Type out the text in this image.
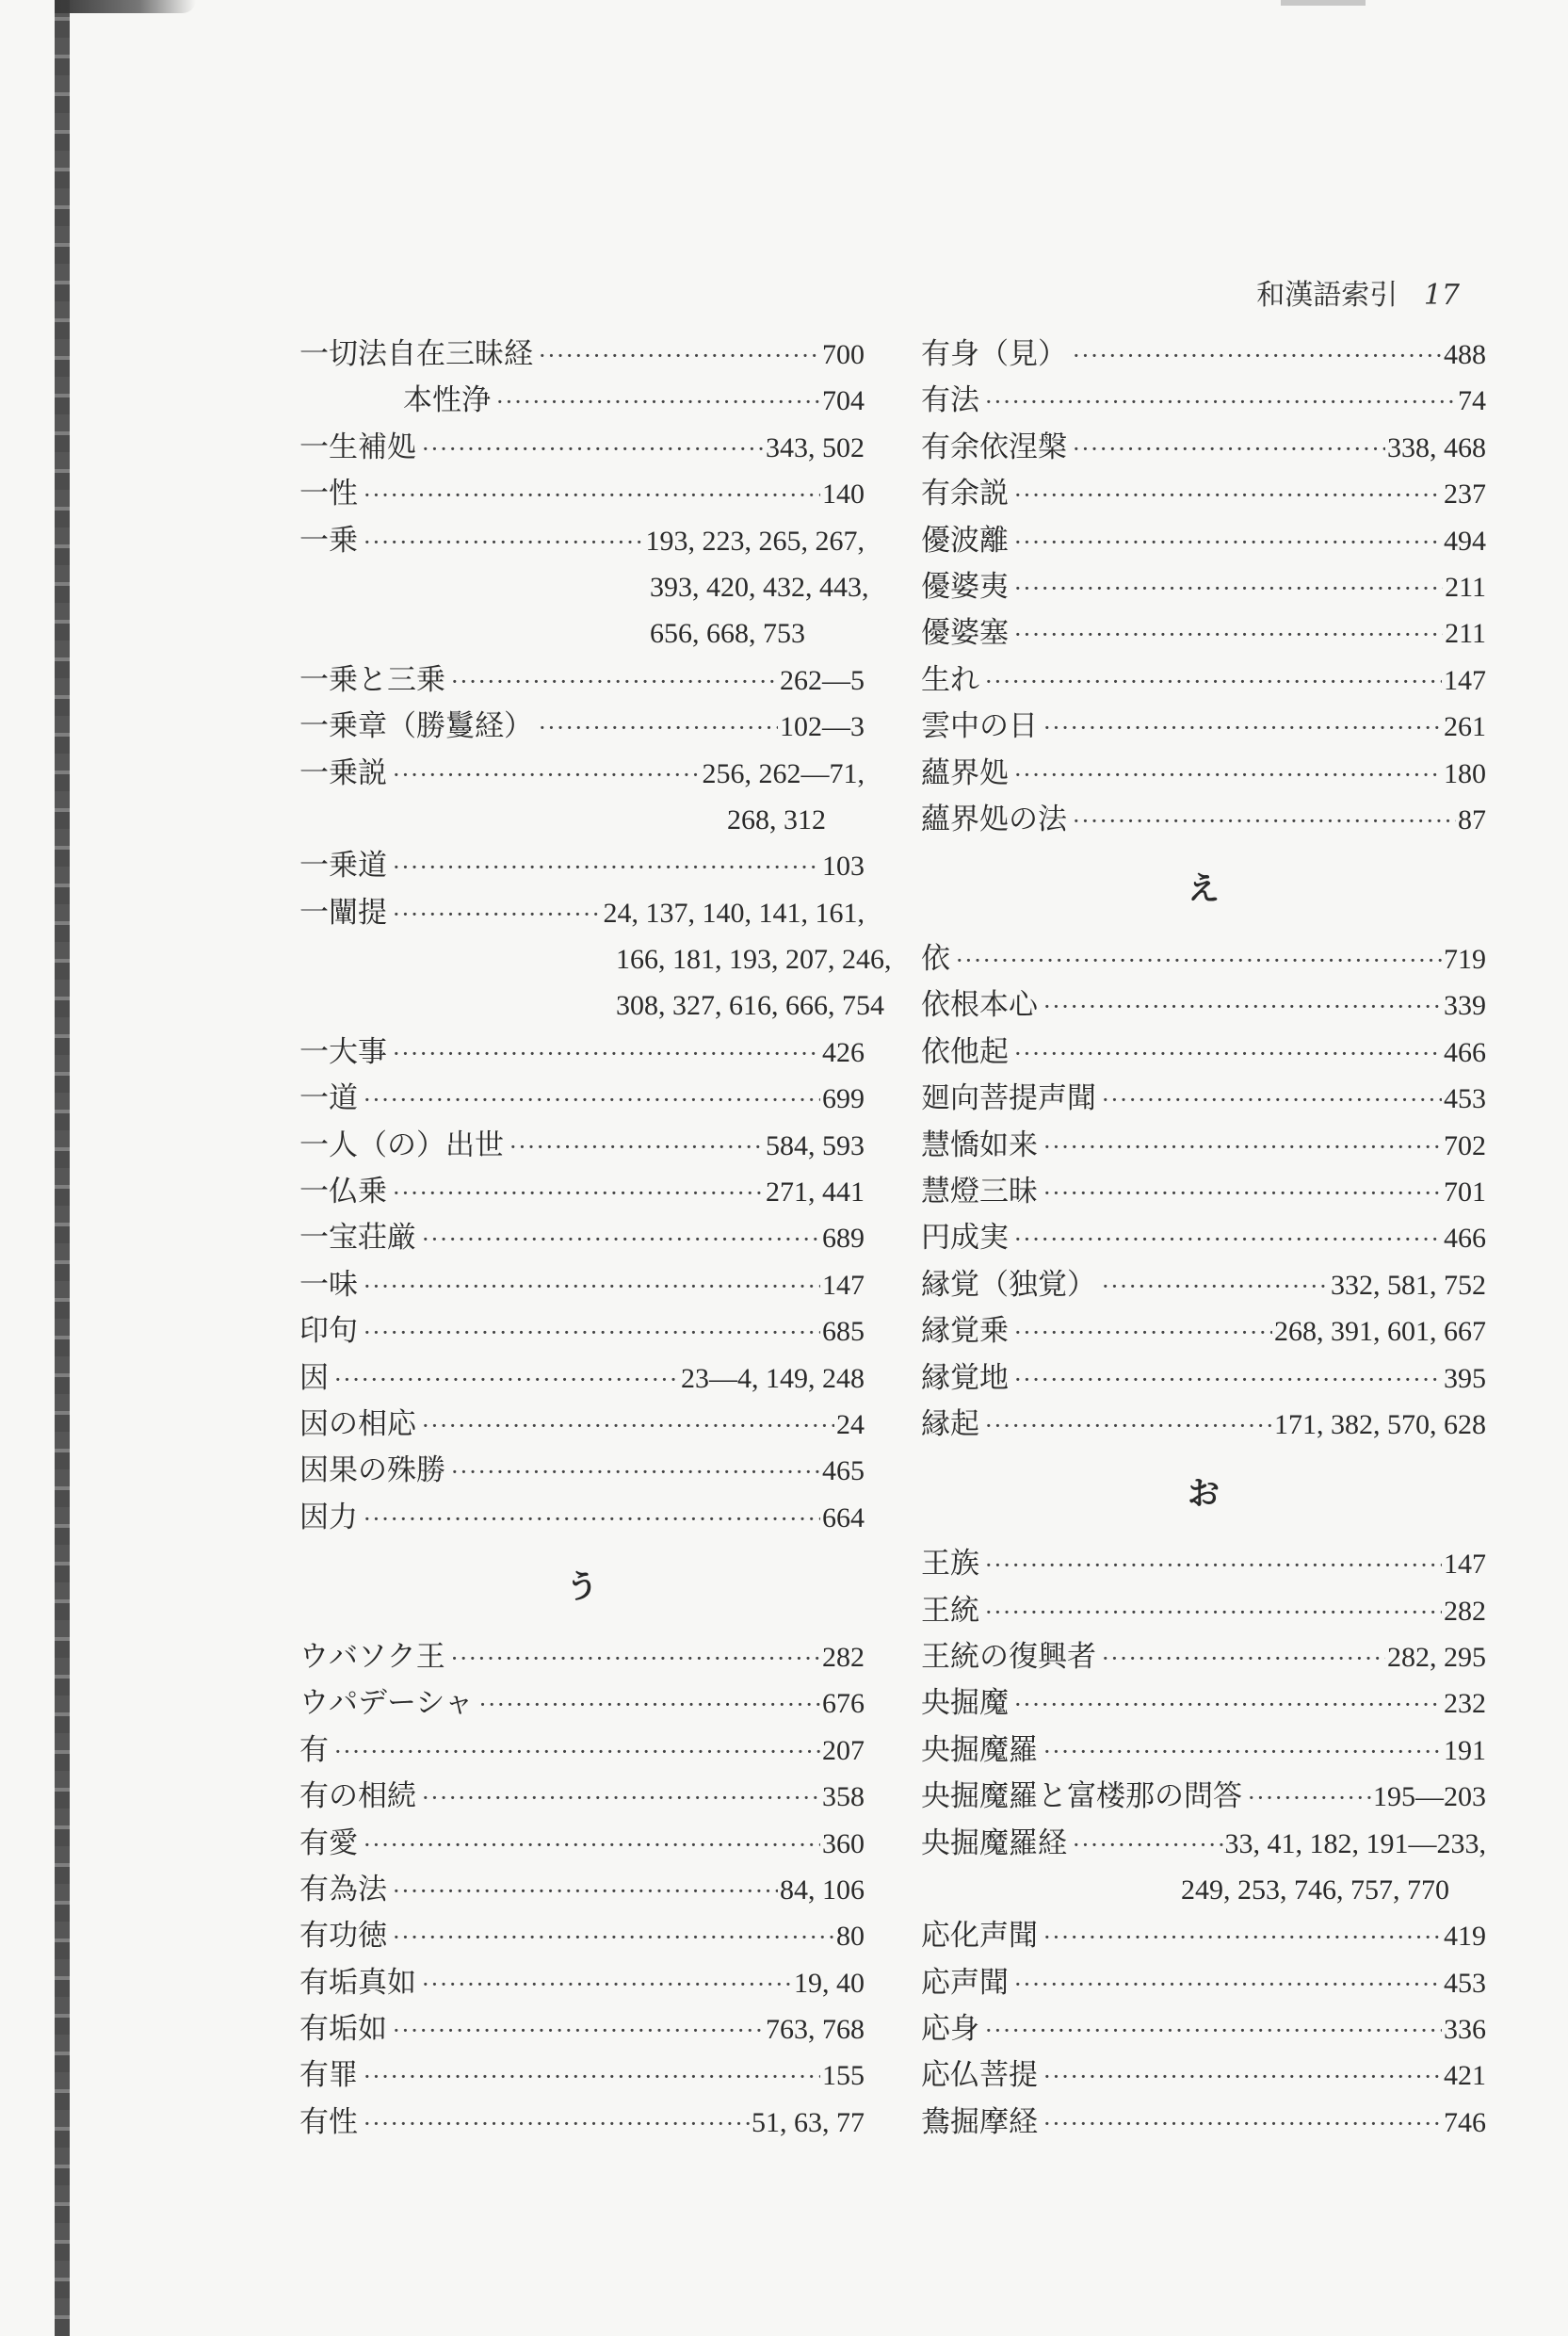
和漢語索引 17
一切法自在三昧経 ·····	700
本性浄 ·····	704
一生補処 ·····	343, 502
一性 ·····	140
一乗 ·····	193, 223, 265, 267,
393, 420, 432, 443,
656, 668, 753
一乗と三乗 ·····	262—5
一乗章（勝鬘経） ·····	102—3
一乗説 ·····	256, 262—71,
268, 312
一乗道 ·····	103
一闡提 ·····	24, 137, 140, 141, 161,
166, 181, 193, 207, 246,
308, 327, 616, 666, 754
一大事 ·····	426
一道 ·····	699
一人（の）出世 ·····	584, 593
一仏乗 ·····	271, 441
一宝荘厳 ·····	689
一味 ·····	147
印句 ·····	685
因 ·····	23—4, 149, 248
因の相応 ·····	24
因果の殊勝 ·····	465
因力 ·····	664
う
ウバソク王 ·····	282
ウパデーシャ ·····	676
有 ·····	207
有の相続 ·····	358
有愛 ·····	360
有為法 ·····	84, 106
有功徳 ·····	80
有垢真如 ·····	19, 40
有垢如 ·····	763, 768
有罪 ·····	155
有性 ·····	51, 63, 77
有身（見） ·····	488
有法 ·····	74
有余依涅槃 ·····	338, 468
有余説 ·····	237
優波離 ·····	494
優婆夷 ·····	211
優婆塞 ·····	211
生れ ·····	147
雲中の日 ·····	261
蘊界処 ·····	180
蘊界処の法 ·····	87
え
依 ·····	719
依根本心 ·····	339
依他起 ·····	466
廻向菩提声聞 ·····	453
慧憍如来 ·····	702
慧燈三昧 ·····	701
円成実 ·····	466
縁覚（独覚） ·····	332, 581, 752
縁覚乗 ·····	268, 391, 601, 667
縁覚地 ·····	395
縁起 ·····	171, 382, 570, 628
お
王族 ·····	147
王統 ·····	282
王統の復興者 ·····	282, 295
央掘魔 ·····	232
央掘魔羅 ·····	191
央掘魔羅と富楼那の問答 ·····	195—203
央掘魔羅経 ·····	33, 41, 182, 191—233,
249, 253, 746, 757, 770
応化声聞 ·····	419
応声聞 ·····	453
応身 ·····	336
応仏菩提 ·····	421
鴦掘摩経 ·····	746
